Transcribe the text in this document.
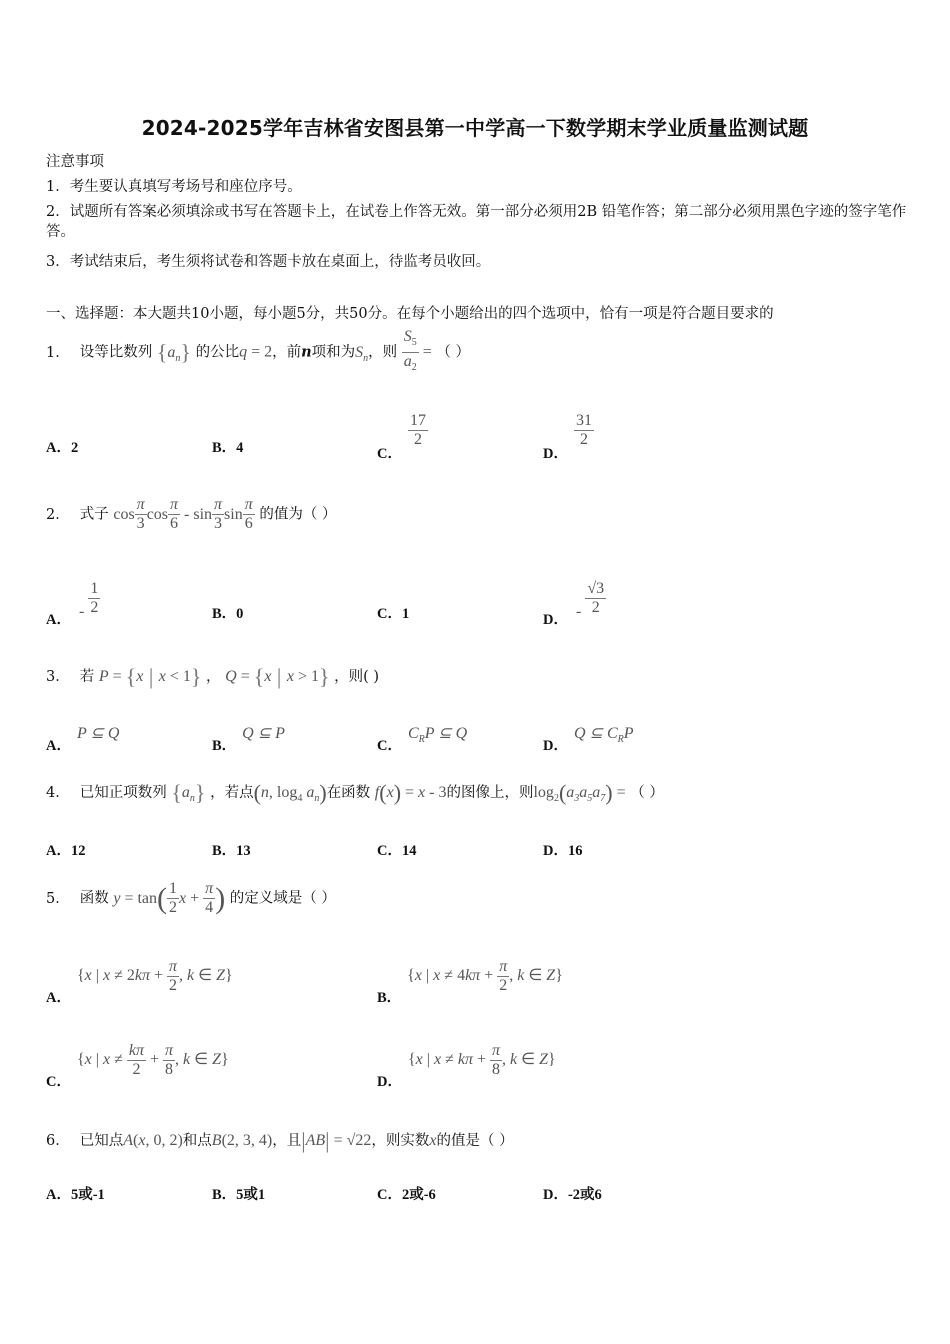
2024-2025学年吉林省安图县第一中学高一下数学期末学业质量监测试题
注意事项
1．考生要认真填写考场号和座位序号。
2．试题所有答案必须填涂或书写在答题卡上，在试卷上作答无效。第一部分必须用2B 铅笔作答；第二部分必须用黑色字迹的签字笔作答。
3．考试结束后，考生须将试卷和答题卡放在桌面上，待监考员收回。
一、选择题：本大题共10小题，每小题5分，共50分。在每个小题给出的四个选项中，恰有一项是符合题目要求的
1． 设等比数列 $\{a_n\}$ 的公比q = 2，前n项和为$S_n$，则 $\frac{S_5}{a_2}$ = （ ）
A．2	B．4	C．
$\frac{17}{2}$
D．
$\frac{31}{2}$
2． 式子 $\cos \frac{\pi}{3}$ $\cos \frac{\pi}{6}$ - $\sin \frac{\pi}{3}$ $\sin \frac{\pi}{6}$ 的值为（ ）
A． - $\frac{1}{2}$	B．0	C．1	D． - $\frac{√3}{2}$
3． 若 P = {x | x < 1} ， Q = {x | x > 1} ，则( )
A．P ⊆ Q
B．Q ⊆ P
C．$C_RP$ ⊆ Q
D．Q ⊆ $C_RP$
4． 已知正项数列 $\{a_n\}$ ，若点(n, $\log_4 a_n$)在函数 f(x) = x - 3的图像上，则$\log_2(a_3a_5a_7)$ = （ ）
A．12	B．13	C．14	D．16
5． 函数 $y = \tan( \frac{1}{2}$ $x + \frac{\pi}{4}$ ) 的定义域是（ ）
A．{x | $x \ne 2k\pi + \frac{\pi}{2}$ , k ∈ Z}
B．{x | $x \ne 4k\pi + \frac{\pi}{2}$ , k ∈ Z}
C．{x | $x \ne \frac{k\pi}{2} + \frac{\pi}{8}$ , k ∈ Z}
D．{x | $x \ne k\pi + \frac{\pi}{8}$ , k ∈ Z}
6． 已知点A(x, 0, 2)和点B(2, 3, 4)，且|AB| = √22，则实数x的值是（ ）
A．5或-1	B．5或1	C．2或-6	D．-2或6
